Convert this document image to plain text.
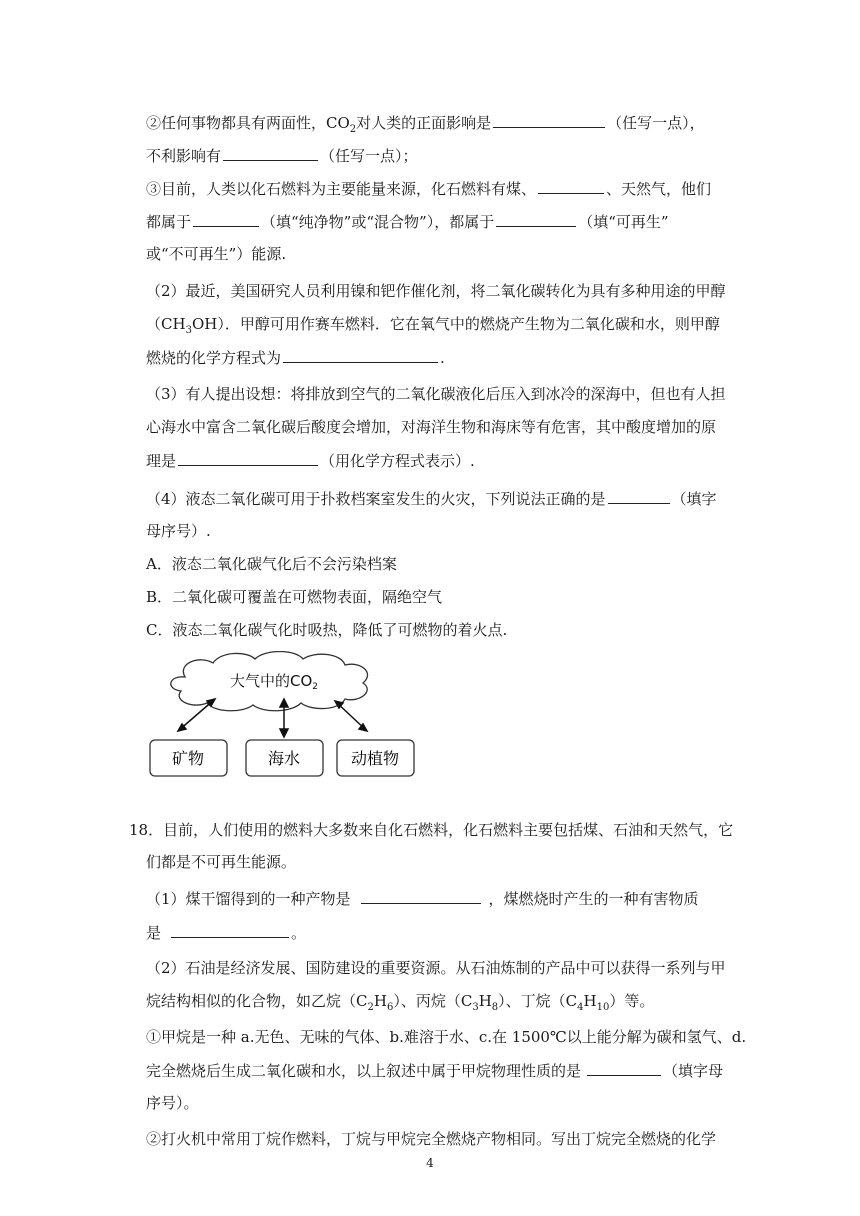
②任何事物都具有两面性，$CO_2$对人类的正面影响是	（任写一点），
不利影响有	（任写一点）；
③目前，人类以化石燃料为主要能量来源，化石燃料有煤、	、天然气，他们
都属于	（填“纯净物”或“混合物”），都属于	（填“可再生”
或“不可再生”）能源.
（2）最近，美国研究人员利用镍和钯作催化剂，将二氧化碳转化为具有多种用途的甲醇
$(CH_3OH)$．甲醇可用作赛车燃料．它在氧气中的燃烧产生物为二氧化碳和水，则甲醇
燃烧的化学方程式为	.
（3）有人提出设想：将排放到空气的二氧化碳液化后压入到冰冷的深海中，但也有人担
心海水中富含二氧化碳后酸度会增加，对海洋生物和海床等有危害，其中酸度增加的原
理是	（用化学方程式表示）.
（4）液态二氧化碳可用于扑救档案室发生的火灾，下列说法正确的是	（填字
母序号）.
A．液态二氧化碳气化后不会污染档案
B．二氧化碳可覆盖在可燃物表面，隔绝空气
C．液态二氧化碳气化时吸热，降低了可燃物的着火点.
大气中的$CO_2$
矿物	海水	动植物
18．目前，人们使用的燃料大多数来自化石燃料，化石燃料主要包括煤、石油和天然气，它
们都是不可再生能源。
（1）煤干馏得到的一种产物是	，煤燃烧时产生的一种有害物质
是	。
（2）石油是经济发展、国防建设的重要资源。从石油炼制的产品中可以获得一系列与甲
烷结构相似的化合物，如乙烷$(C_2H_6)$、丙烷$(C_3H_8)$、丁烷$(C_4H_{10})$等。
①甲烷是一种 a.无色、无味的气体、b.难溶于水、c.在 1500℃以上能分解为碳和氢气、d.
完全燃烧后生成二氧化碳和水，以上叙述中属于甲烷物理性质的是	（填字母
序号）。
②打火机中常用丁烷作燃料，丁烷与甲烷完全燃烧产物相同。写出丁烷完全燃烧的化学
4
